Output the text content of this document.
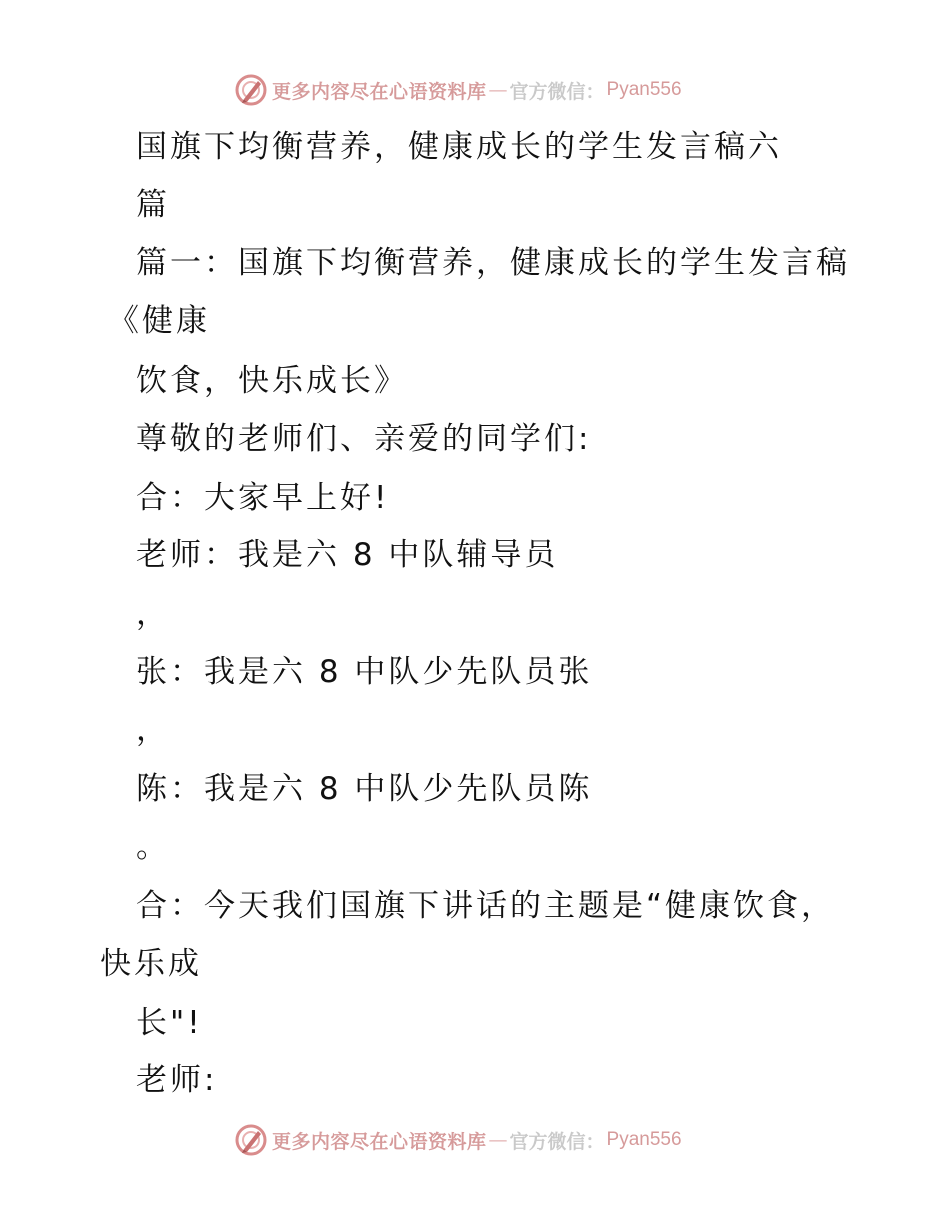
更多内容尽在心语资料库 — 官方微信： Pyan556
国旗下均衡营养，健康成长的学生发言稿六
篇
篇一：国旗下均衡营养，健康成长的学生发言稿
《健康
饮食，快乐成长》
尊敬的老师们、亲爱的同学们:
合：大家早上好!
老师：我是六 8 中队辅导员
，
张：我是六 8 中队少先队员张
，
陈：我是六 8 中队少先队员陈
。
合：今天我们国旗下讲话的主题是“健康饮食，
快乐成
长"!
老师:
更多内容尽在心语资料库 — 官方微信： Pyan556
